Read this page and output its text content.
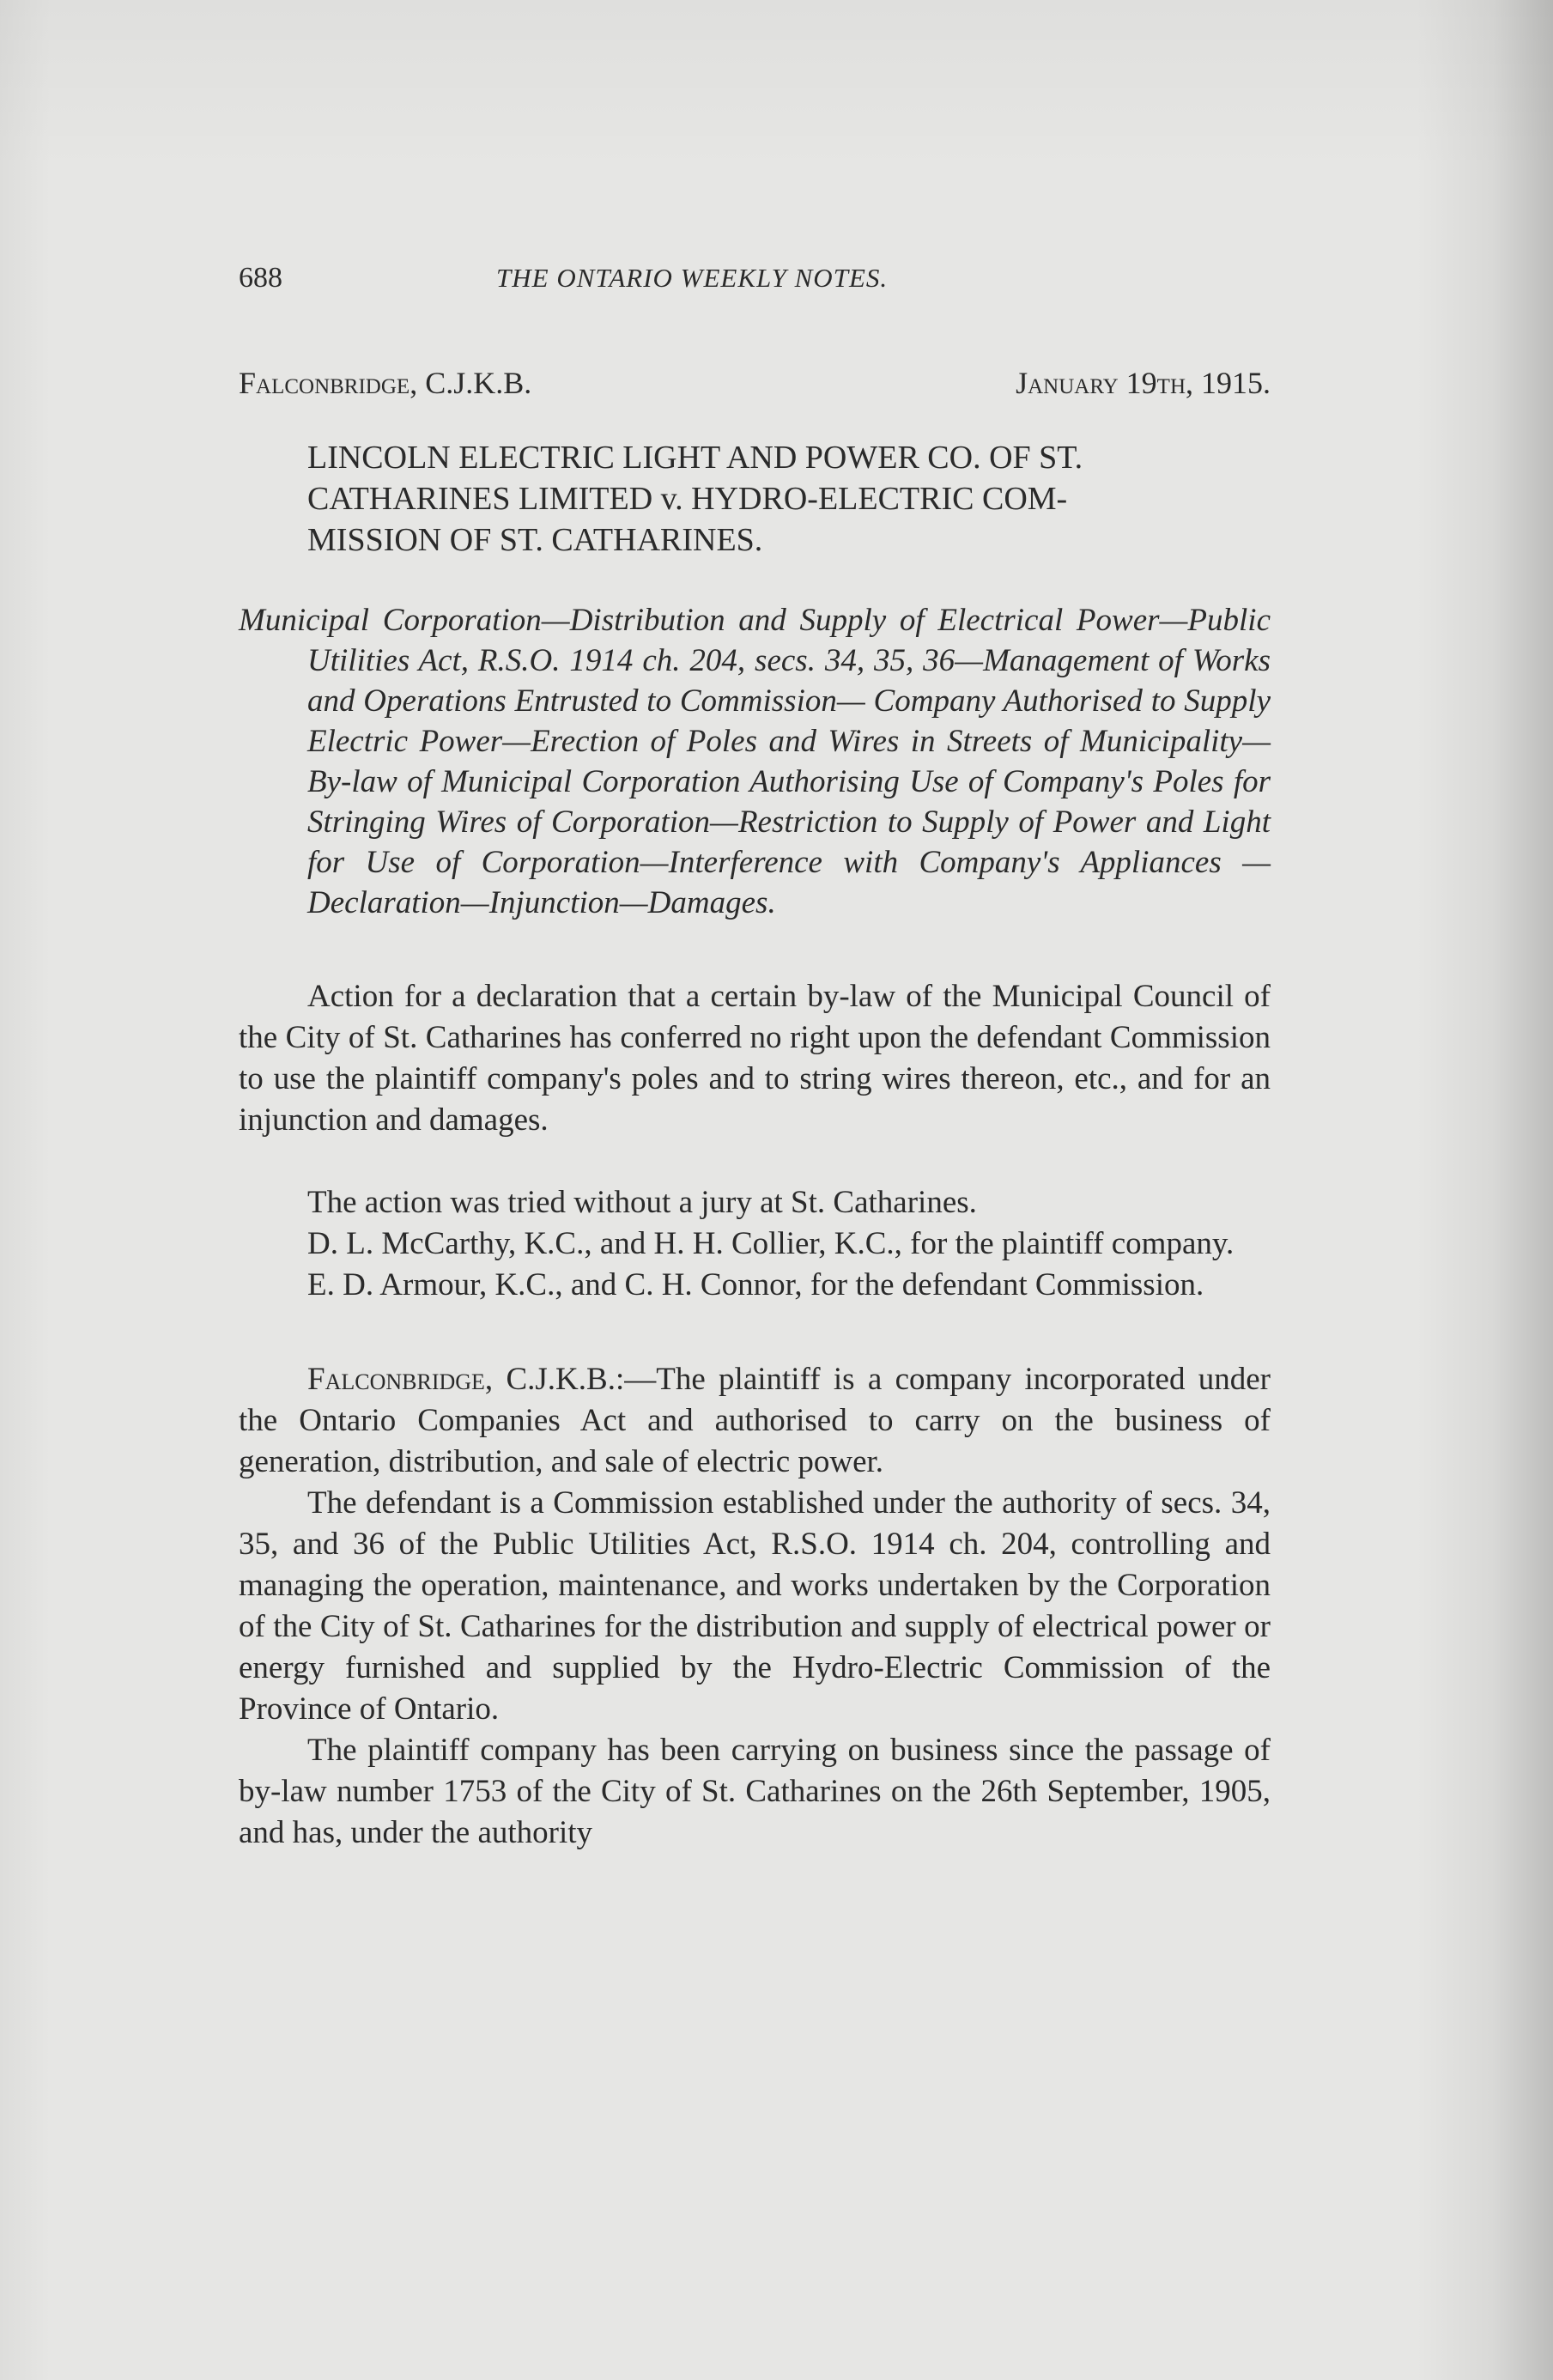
688	THE ONTARIO WEEKLY NOTES.
Falconbridge, C.J.K.B.	January 19th, 1915.
LINCOLN ELECTRIC LIGHT AND POWER CO. OF ST.
CATHARINES LIMITED v. HYDRO-ELECTRIC COM-
MISSION OF ST. CATHARINES.

Municipal Corporation—Distribution and Supply of Electrical Power—Public Utilities Act, R.S.O. 1914 ch. 204, secs. 34, 35, 36—Management of Works and Operations Entrusted to Commission— Company Authorised to Supply Electric Power—Erection of Poles and Wires in Streets of Municipality—By-law of Municipal Corporation Authorising Use of Company's Poles for Stringing Wires of Corporation—Restriction to Supply of Power and Light for Use of Corporation—Interference with Company's Appliances — Declaration—Injunction—Damages.

Action for a declaration that a certain by-law of the Municipal Council of the City of St. Catharines has conferred no right upon the defendant Commission to use the plaintiff company's poles and to string wires thereon, etc., and for an injunction and damages.

The action was tried without a jury at St. Catharines.

D. L. McCarthy, K.C., and H. H. Collier, K.C., for the plaintiff company.

E. D. Armour, K.C., and C. H. Connor, for the defendant Commission.

Falconbridge, C.J.K.B.:—The plaintiff is a company incorporated under the Ontario Companies Act and authorised to carry on the business of generation, distribution, and sale of electric power.

The defendant is a Commission established under the authority of secs. 34, 35, and 36 of the Public Utilities Act, R.S.O. 1914 ch. 204, controlling and managing the operation, maintenance, and works undertaken by the Corporation of the City of St. Catharines for the distribution and supply of electrical power or energy furnished and supplied by the Hydro-Electric Commission of the Province of Ontario.

The plaintiff company has been carrying on business since the passage of by-law number 1753 of the City of St. Catharines on the 26th September, 1905, and has, under the authority
